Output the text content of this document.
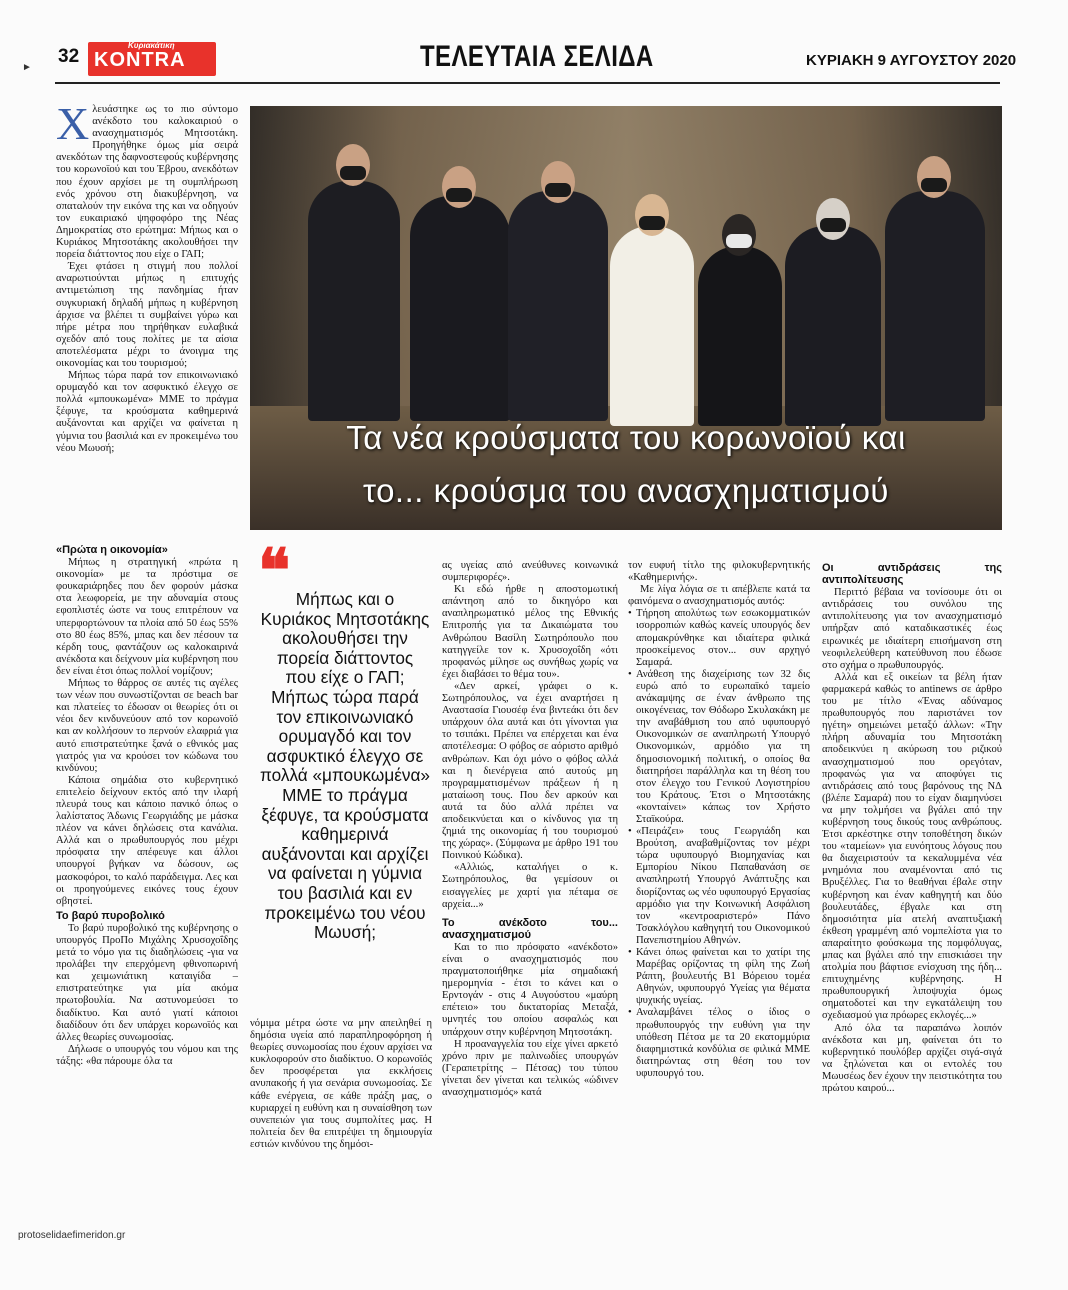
►
32
Κυριακάτικη
KONTRA	ΤΕΛΕΥΤΑΙΑ ΣΕΛΙΔΑ	ΚΥΡΙΑΚΗ 9 ΑΥΓΟΥΣΤΟΥ 2020
Τα νέα κρούσματα του κορωνοϊού και
το... κρούσμα του ανασχηματισμού
Χ λευάστηκε ως το πιο σύντομο ανέκδοτο του καλοκαιριού ο ανασχηματισμός Μητσοτάκη. Προηγήθηκε όμως μία σειρά ανεκδότων της δαφνοστεφούς κυβέρνησης του κορωνοϊού και του Έβρου, ανεκδότων που έχουν αρχίσει με τη συμπλήρωση ενός χρόνου στη διακυβέρνηση, να σπαταλούν την εικόνα της και να οδηγούν τον ευκαιριακό ψηφοφόρο της Νέας Δημοκρατίας στο ερώτημα: Μήπως και ο Κυριάκος Μητσοτάκης ακολουθήσει την πορεία διάττοντος που είχε ο ΓΑΠ;

Έχει φτάσει η στιγμή που πολλοί αναρωτιούνται μήπως η επιτυχής αντιμετώπιση της πανδημίας ήταν συγκυριακή δηλαδή μήπως η κυβέρνηση άρχισε να βλέπει τι συμβαίνει γύρω και πήρε μέτρα που τηρήθηκαν ευλαβικά σχεδόν από τους πολίτες με τα αίσια αποτελέσματα μέχρι το άνοιγμα της οικονομίας και του τουρισμού;

Μήπως τώρα παρά τον επικοινωνιακό ορυμαγδό και τον ασφυκτικό έλεγχο σε πολλά «μπουκωμένα» ΜΜΕ το πράγμα ξέφυγε, τα κρούσματα καθημερινά αυξάνονται και αρχίζει να φαίνεται η γύμνια του βασιλιά και εν προκειμένω του νέου Μωυσή;

«Πρώτα η οικονομία»

Μήπως η στρατηγική «πρώτα η οικονομία» με τα πρόστιμα σε φουκαριάρηδες που δεν φορούν μάσκα στα λεωφορεία, με την αδυναμία στους εφοπλιστές ώστε να τους επιτρέπουν να υπερφορτώνουν τα πλοία από 50 έως 55% στο 80 έως 85%, μπας και δεν πέσουν τα κέρδη τους, φαντάζουν ως καλοκαιρινά ανέκδοτα και δείχνουν μία κυβέρνηση που δεν είναι έτσι όπως πολλοί νομίζουν;

Μήπως το θάρρος σε αυτές τις αγέλες των νέων που συνωστίζονται σε beach bar και πλατείες το έδωσαν οι θεωρίες ότι οι νέοι δεν κινδυνεύουν από τον κορωνοϊό και αν κολλήσουν το περνούν ελαφριά για αυτό επιστρατεύτηκε ξανά ο εθνικός μας γιατρός για να κρούσει τον κώδωνα του κινδύνου;

Κάποια σημάδια στο κυβερνητικό επιτελείο δείχνουν εκτός από την ιλαρή πλευρά τους και κάποιο πανικό όπως ο λαλίστατος Άδωνις Γεωργιάδης με μάσκα πλέον να κάνει δηλώσεις στα κανάλια. Αλλά και ο πρωθυπουργός που μέχρι πρόσφατα την απέφευγε και άλλοι υπουργοί βγήκαν να δώσουν, ως μασκοφόροι, το καλό παράδειγμα. Λες και οι προηγούμενες εικόνες τους έχουν σβηστεί.

Το βαρύ πυροβολικό

Το βαρύ πυροβολικό της κυβέρνησης ο υπουργός ΠροΠο Μιχάλης Χρυσοχοΐδης μετά το νόμο για τις διαδηλώσεις -για να προλάβει την επερχόμενη φθινοπωρινή και χειμωνιάτικη καταιγίδα – επιστρατεύτηκε για μία ακόμα πρωτοβουλία. Να αστυνομεύσει το διαδίκτυο. Και αυτό γιατί κάποιοι διαδίδουν ότι δεν υπάρχει κορωνοϊός και άλλες θεωρίες συνωμοσίας.

Δήλωσε ο υπουργός του νόμου και της τάξης: «θα πάρουμε όλα τα

❝ Μήπως και ο Κυριάκος Μητσοτάκης ακολουθήσει την πορεία διάττοντος που είχε ο ΓΑΠ; Μήπως τώρα παρά τον επικοινωνιακό ορυμαγδό και τον ασφυκτικό έλεγχο σε πολλά «μπουκωμένα» ΜΜΕ το πράγμα ξέφυγε, τα κρούσματα καθημερινά αυξάνονται και αρχίζει να φαίνεται η γύμνια του βασιλιά και εν προκειμένω του νέου Μωυσή;

νόμιμα μέτρα ώστε να μην απειληθεί η δημόσια υγεία από παραπληροφόρηση ή θεωρίες συνωμοσίας που έχουν αρχίσει να κυκλοφορούν στο διαδίκτυο. Ο κορωνοϊός δεν προσφέρεται για εκκλήσεις ανυπακοής ή για σενάρια συνωμοσίας. Σε κάθε ενέργεια, σε κάθε πράξη μας, ο κυριαρχεί η ευθύνη και η συναίσθηση των συνεπειών για τους συμπολίτες μας. Η πολιτεία δεν θα επιτρέψει τη δημιουργία εστιών κινδύνου της δημόσι-

ας υγείας από ανεύθυνες κοινωνικά συμπεριφορές».

Κι εδώ ήρθε η αποστομωτική απάντηση από το δικηγόρο και αναπληρωματικό μέλος της Εθνικής Επιτροπής για τα Δικαιώματα του Ανθρώπου Βασίλη Σωτηρόπουλο που κατηγγείλε τον κ. Χρυσοχοΐδη «ότι προφανώς μίλησε ως συνήθως χωρίς να έχει διαβάσει το θέμα του».

«Δεν αρκεί, γράφει ο κ. Σωτηρόπουλος, να έχει αναρτήσει η Αναστασία Γιουσέφ ένα βιντεάκι ότι δεν υπάρχουν όλα αυτά και ότι γίνονται για το τσιπάκι. Πρέπει να επέρχεται και ένα αποτέλεσμα: Ο φόβος σε αόριστο αριθμό ανθρώπων. Και όχι μόνο ο φόβος αλλά και η διενέργεια από αυτούς μη προγραμματισμένων πράξεων ή η ματαίωση τους. Που δεν αρκούν και αυτά τα δύο αλλά πρέπει να αποδεικνύεται και ο κίνδυνος για τη ζημιά της οικονομίας ή του τουρισμού της χώρας». (Σύμφωνα με άρθρο 191 του Ποινικού Κώδικα).

«Αλλιώς, καταλήγει ο κ. Σωτηρόπουλος, θα γεμίσουν οι εισαγγελίες με χαρτί για πέταμα σε αρχεία...»

Το ανέκδοτο του... ανασχηματισμού

Και το πιο πρόσφατο «ανέκδοτο» είναι ο ανασχηματισμός που πραγματοποιήθηκε μία σημαδιακή ημερομηνία - έτσι το κάνει και ο Ερντογάν - στις 4 Αυγούστου «μαύρη επέτειο» του δικτατορίας Μεταξά, υμνητές του οποίου ασφαλώς και υπάρχουν στην κυβέρνηση Μητσοτάκη.

Η προαναγγελία του είχε γίνει αρκετό χρόνο πριν με παλινωδίες υπουργών (Γεραπετρίτης – Πέτσας) του τύπου γίνεται δεν γίνεται και τελικώς «ώδινεν ανασχηματισμός» κατά

τον ευφυή τίτλο της φιλοκυβερνητικής «Καθημερινής».

Με λίγα λόγια σε τι απέβλεπε κατά τα φαινόμενα ο ανασχηματισμός αυτός:

• Τήρηση απολύτως των εσωκομματικών ισορροπιών καθώς κανείς υπουργός δεν απομακρύνθηκε και ιδιαίτερα φιλικά προσκείμενος στον... συν αρχηγό Σαμαρά.

• Ανάθεση της διαχείρισης των 32 δις ευρώ από το ευρωπαϊκό ταμείο ανάκαμψης σε έναν άνθρωπο της οικογένειας, τον Θόδωρο Σκυλακάκη με την αναβάθμιση του από υφυπουργό Οικονομικών σε αναπληρωτή Υπουργό Οικονομικών, αρμόδιο για τη δημοσιονομική πολιτική, ο οποίος θα διατηρήσει παράλληλα και τη θέση του στον έλεγχο του Γενικού Λογιστηρίου του Κράτους. Έτσι ο Μητσοτάκης «κονταίνει» κάπως τον Χρήστο Σταϊκούρα.

• «Πειράζει» τους Γεωργιάδη και Βρούτση, αναβαθμίζοντας τον μέχρι τώρα υφυπουργό Βιομηχανίας και Εμπορίου Νίκου Παπαθανάση σε αναπληρωτή Υπουργό Ανάπτυξης και διορίζοντας ως νέο υφυπουργό Εργασίας αρμόδιο για την Κοινωνική Ασφάλιση τον «κεντροαριστερό» Πάνο Τσακλόγλου καθηγητή του Οικονομικού Πανεπιστημίου Αθηνών.

• Κάνει όπως φαίνεται και το χατίρι της Μαρέβας ορίζοντας τη φίλη της Ζωή Ράπτη, βουλευτής Β1 Βόρειου τομέα Αθηνών, υφυπουργό Υγείας για θέματα ψυχικής υγείας.

• Αναλαμβάνει τέλος ο ίδιος ο πρωθυπουργός την ευθύνη για την υπόθεση Πέτσα με τα 20 εκατομμύρια διαφημιστικά κονδύλια σε φιλικά ΜΜΕ διατηρώντας στη θέση του τον υφυπουργό του.

Οι αντιδράσεις της αντιπολίτευσης

Περιττό βέβαια να τονίσουμε ότι οι αντιδράσεις του συνόλου της αντιπολίτευσης για τον ανασχηματισμό υπήρξαν από καταδικαστικές έως ειρωνικές με ιδιαίτερη επισήμανση στη νεοφιλελεύθερη κατεύθυνση που έδωσε στο σχήμα ο πρωθυπουργός.

Αλλά και εξ οικείων τα βέλη ήταν φαρμακερά καθώς το antinews σε άρθρο του με τίτλο «Ένας αδύναμος πρωθυπουργός που παριστάνει τον ηγέτη» σημειώνει μεταξύ άλλων: «Την πλήρη αδυναμία του Μητσοτάκη αποδεικνύει η ακύρωση του ριζικού ανασχηματισμού που ορεγόταν, προφανώς για να αποφύγει τις αντιδράσεις από τους βαρόνους της ΝΔ (βλέπε Σαμαρά) που το είχαν διαμηνύσει να μην τολμήσει να βγάλει από την κυβέρνηση τους δικούς τους ανθρώπους. Έτσι αρκέστηκε στην τοποθέτηση δικών του «ταμείων» για ευνόητους λόγους που θα διαχειριστούν τα κεκαλυμμένα νέα μνημόνια που αναμένονται από τις Βρυξέλλες. Για το θεαθήναι έβαλε στην κυβέρνηση και έναν καθηγητή και δύο βουλευτάδες, έβγαλε και στη δημοσιότητα μία ατελή αναπτυξιακή έκθεση γραμμένη από νομπελίστα για το απαραίτητο φούσκωμα της πομφόλυγας, μπας και βγάλει από την επισκιάσει την ατολμία που βάφτισε ενίσχυση της ήδη... επιτυχημένης κυβέρνησης. Η πρωθυπουργική λιποψυχία όμως σηματοδοτεί και την εγκατάλειψη του σχεδιασμού για πρόωρες εκλογές...»

Από όλα τα παραπάνω λοιπόν ανέκδοτα και μη, φαίνεται ότι το κυβερνητικό πουλόβερ αρχίζει σιγά-σιγά να ξηλώνεται και οι εντολές του Μωυσέως δεν έχουν την πειστικότητα του πρώτου καιρού...

protoselidaefimeridon.gr
